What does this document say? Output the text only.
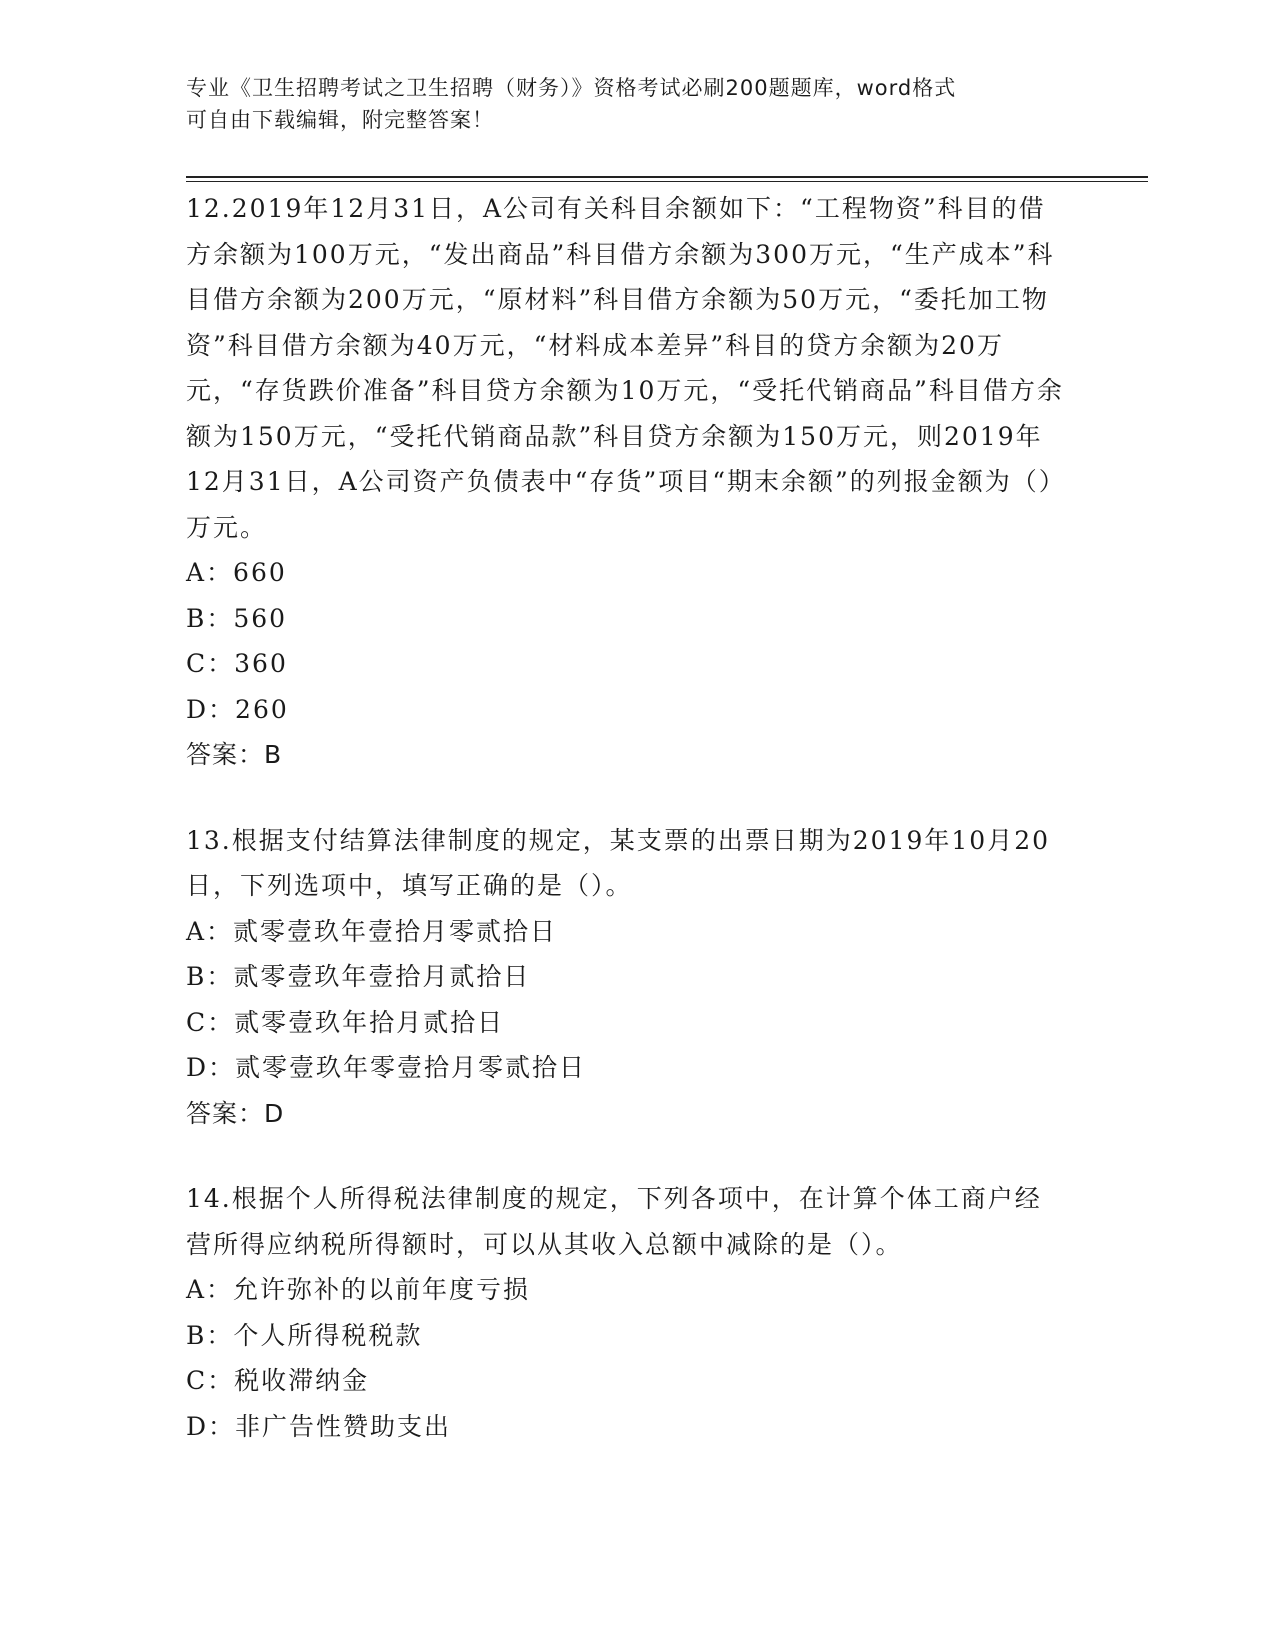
专业《卫生招聘考试之卫生招聘（财务）》资格考试必刷200题题库，word格式
可自由下载编辑，附完整答案！

12.2019年12月31日，A公司有关科目余额如下：“工程物资”科目的借方余额为100万元，“发出商品”科目借方余额为300万元，“生产成本”科目借方余额为200万元，“原材料”科目借方余额为50万元，“委托加工物资”科目借方余额为40万元，“材料成本差异”科目的贷方余额为20万元，“存货跌价准备”科目贷方余额为10万元，“受托代销商品”科目借方余额为150万元，“受托代销商品款”科目贷方余额为150万元，则2019年12月31日，A公司资产负债表中“存货”项目“期末余额”的列报金额为（）万元。

A：660

B：560

C：360

D：260

答案：B

13.根据支付结算法律制度的规定，某支票的出票日期为2019年10月20日，下列选项中，填写正确的是（）。

A：贰零壹玖年壹拾月零贰拾日

B：贰零壹玖年壹拾月贰拾日

C：贰零壹玖年拾月贰拾日

D：贰零壹玖年零壹拾月零贰拾日

答案：D

14.根据个人所得税法律制度的规定，下列各项中，在计算个体工商户经营所得应纳税所得额时，可以从其收入总额中减除的是（）。

A：允许弥补的以前年度亏损

B：个人所得税税款

C：税收滞纳金

D：非广告性赞助支出
